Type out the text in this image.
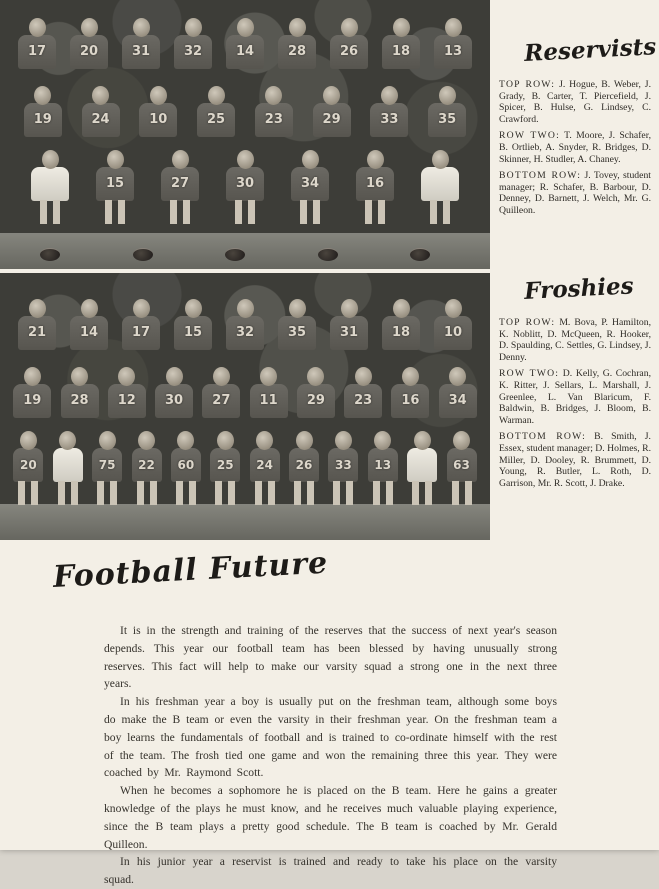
17	20	31	32	14	28	26	18	13
19	24	10	25	23	29	33	35
15	27	30	34	16
21	14	17	15	32	35	31	18	10
19	28	12	30	27	11	29	23	16	34
20	75	22	60	25	24	26	33	13	63
Reservists

TOP ROW: J. Hogue, B. Weber, J. Grady, B. Carter, T. Piercefield, J. Spicer, B. Hulse, G. Lindsey, C. Crawford.

ROW TWO: T. Moore, J. Schafer, B. Ortlieb, A. Snyder, R. Bridges, D. Skinner, H. Studler, A. Chaney.

BOTTOM ROW: J. Tovey, student manager; R. Schafer, B. Barbour, D. Denney, D. Barnett, J. Welch, Mr. G. Quilleon.

Froshies

TOP ROW: M. Bova, P. Hamilton, K. Noblitt, D. McQueen, R. Hooker, D. Spaulding, C. Settles, G. Lindsey, J. Denny.

ROW TWO: D. Kelly, G. Cochran, K. Ritter, J. Sellars, L. Marshall, J. Greenlee, L. Van Blaricum, F. Baldwin, B. Bridges, J. Bloom, B. Warman.

BOTTOM ROW: B. Smith, J. Essex, student manager; D. Holmes, R. Miller, D. Dooley, R. Brummett, D. Young, R. Butler, L. Roth, D. Garrison, Mr. R. Scott, J. Drake.

Football Future

It is in the strength and training of the reserves that the success of next year's season depends. This year our football team has been blessed by having unusually strong reserves. This fact will help to make our varsity squad a strong one in the next three years.

In his freshman year a boy is usually put on the freshman team, although some boys do make the B team or even the varsity in their freshman year. On the freshman team a boy learns the fundamentals of football and is trained to co-ordinate himself with the rest of the team. The frosh tied one game and won the remaining three this year. They were coached by Mr. Raymond Scott.

When he becomes a sophomore he is placed on the B team. Here he gains a greater knowledge of the plays he must know, and he receives much valuable playing experience, since the B team plays a pretty good schedule. The B team is coached by Mr. Gerald Quilleon.

In his junior year a reservist is trained and ready to take his place on the varsity squad.
